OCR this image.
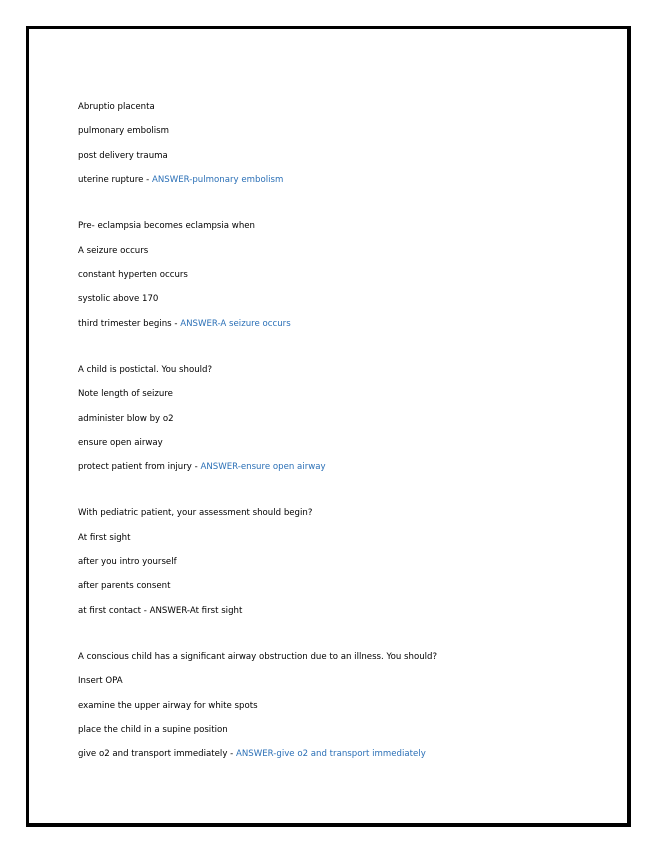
Abruptio placenta
pulmonary embolism
post delivery trauma
uterine rupture - ANSWER-pulmonary embolism
Pre- eclampsia becomes eclampsia when
A seizure occurs
constant hyperten occurs
systolic above 170
third trimester begins - ANSWER-A seizure occurs
A child is postictal. You should?
Note length of seizure
administer blow by o2
ensure open airway
protect patient from injury - ANSWER-ensure open airway
With pediatric patient, your assessment should begin?
At first sight
after you intro yourself
after parents consent
at first contact - ANSWER-At first sight
A conscious child has a significant airway obstruction due to an illness. You should?
Insert OPA
examine the upper airway for white spots
place the child in a supine position
give o2 and transport immediately - ANSWER-give o2 and transport immediately
